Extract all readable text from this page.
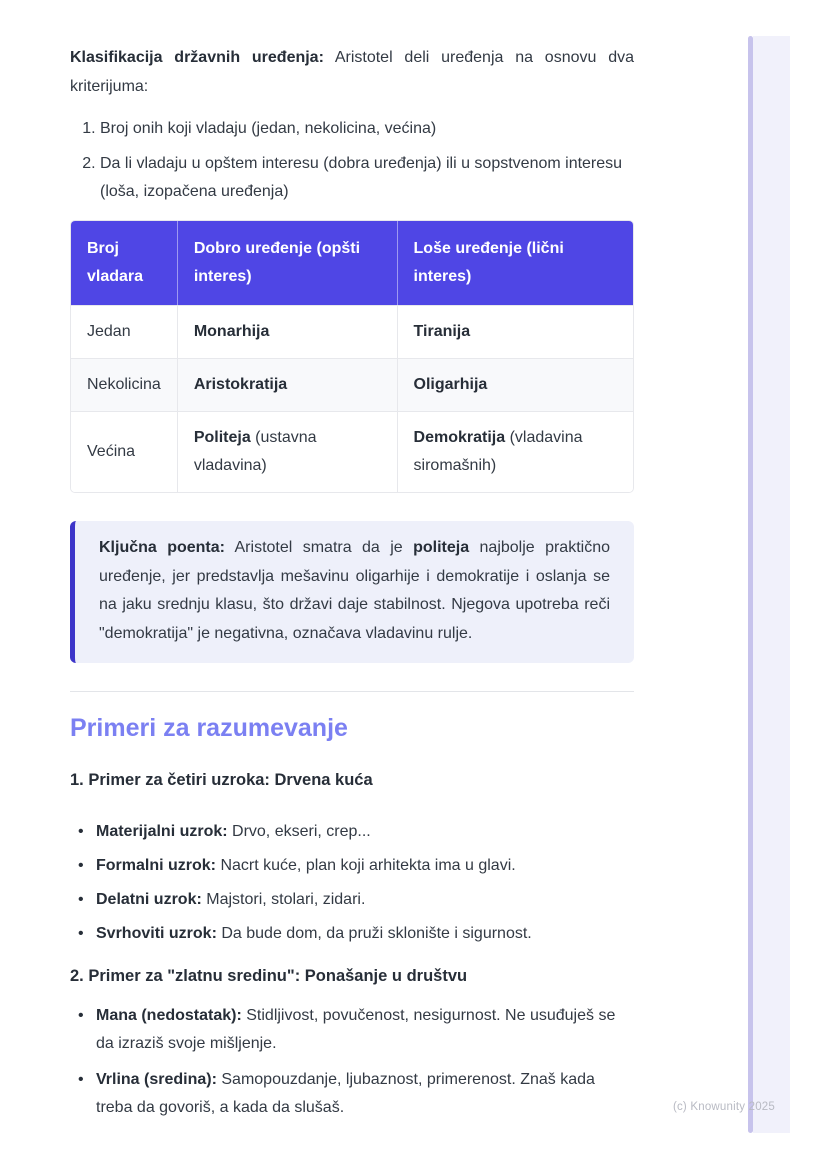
Klasifikacija državnih uređenja: Aristotel deli uređenja na osnovu dva kriterijuma:

1. Broj onih koji vladaju (jedan, nekolicina, većina)
2. Da li vladaju u opštem interesu (dobra uređenja) ili u sopstvenom interesu (loša, izopačena uređenja)
Broj vladara	Dobro uređenje (opšti interes)	Loše uređenje (lični interes)
Jedan	Monarhija	Tiranija
Nekolicina	Aristokratija	Oligarhija
Većina	Politeja (ustavna vladavina)	Demokratija (vladavina siromašnih)

Ključna poenta: Aristotel smatra da je politeja najbolje praktično uređenje, jer predstavlja mešavinu oligarhije i demokratije i oslanja se na jaku srednju klasu, što državi daje stabilnost. Njegova upotreba reči "demokratija" je negativna, označava vladavinu rulje.

Primeri za razumevanje
1. Primer za četiri uzroka: Drvena kuća
• Materijalni uzrok: Drvo, ekseri, crep...
• Formalni uzrok: Nacrt kuće, plan koji arhitekta ima u glavi.
• Delatni uzrok: Majstori, stolari, zidari.
• Svrhoviti uzrok: Da bude dom, da pruži sklonište i sigurnost.
2. Primer za "zlatnu sredinu": Ponašanje u društvu
• Mana (nedostatak): Stidljivost, povučenost, nesigurnost. Ne usuđuješ se da izraziš svoje mišljenje.
• Vrlina (sredina): Samopouzdanje, ljubaznost, primerenost. Znaš kada treba da govoriš, a kada da slušaš.	(c) Knowunity 2025
